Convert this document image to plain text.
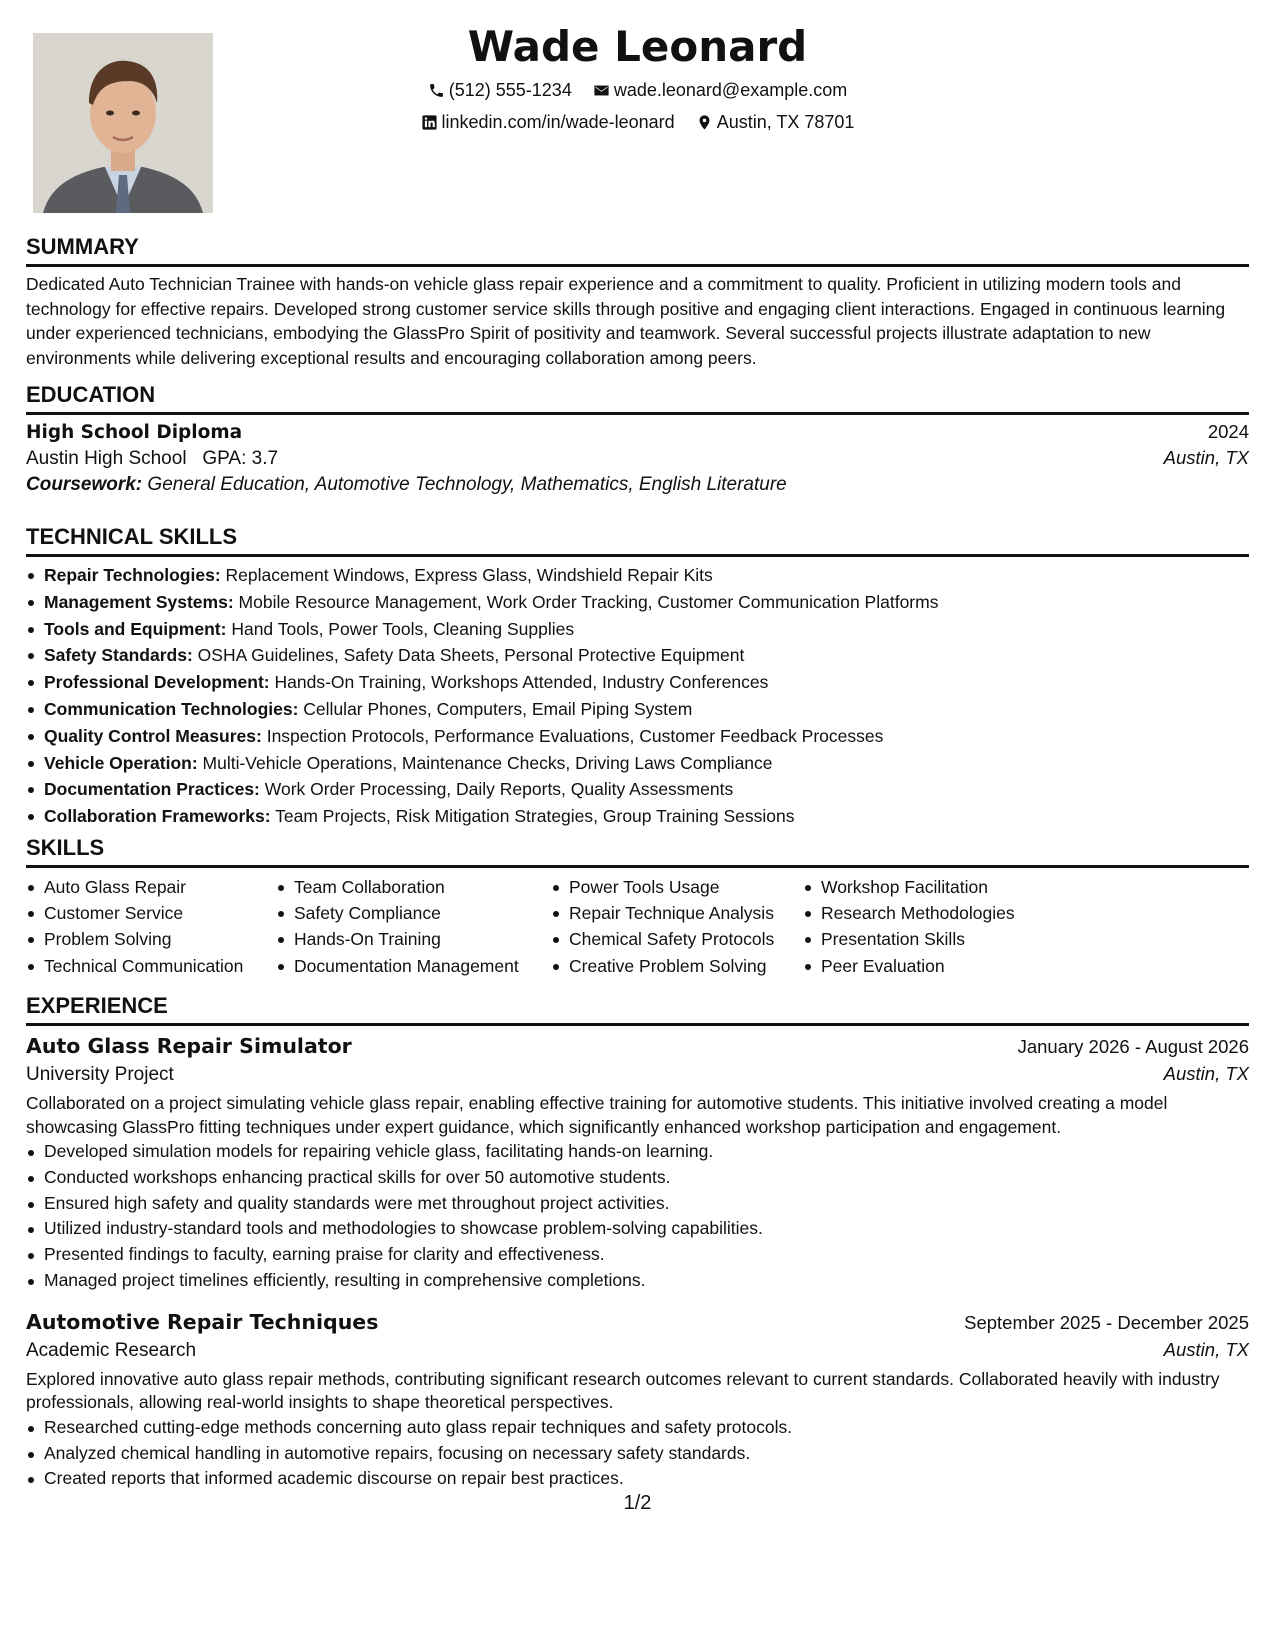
Wade Leonard
(512) 555-1234
wade.leonard@example.com
linkedin.com/in/wade-leonard
Austin, TX 78701
SUMMARY
Dedicated Auto Technician Trainee with hands-on vehicle glass repair experience and a commitment to quality. Proficient in utilizing modern tools and technology for effective repairs. Developed strong customer service skills through positive and engaging client interactions. Engaged in continuous learning under experienced technicians, embodying the GlassPro Spirit of positivity and teamwork. Several successful projects illustrate adaptation to new environments while delivering exceptional results and encouraging collaboration among peers.
EDUCATION
High School Diploma	2024
Austin High School GPA: 3.7	Austin, TX
Coursework: General Education, Automotive Technology, Mathematics, English Literature
TECHNICAL SKILLS
Repair Technologies: Replacement Windows, Express Glass, Windshield Repair Kits
Management Systems: Mobile Resource Management, Work Order Tracking, Customer Communication Platforms
Tools and Equipment: Hand Tools, Power Tools, Cleaning Supplies
Safety Standards: OSHA Guidelines, Safety Data Sheets, Personal Protective Equipment
Professional Development: Hands-On Training, Workshops Attended, Industry Conferences
Communication Technologies: Cellular Phones, Computers, Email Piping System
Quality Control Measures: Inspection Protocols, Performance Evaluations, Customer Feedback Processes
Vehicle Operation: Multi-Vehicle Operations, Maintenance Checks, Driving Laws Compliance
Documentation Practices: Work Order Processing, Daily Reports, Quality Assessments
Collaboration Frameworks: Team Projects, Risk Mitigation Strategies, Group Training Sessions
SKILLS
Auto Glass Repair
Customer Service
Problem Solving
Technical Communication
Team Collaboration
Safety Compliance
Hands-On Training
Documentation Management
Power Tools Usage
Repair Technique Analysis
Chemical Safety Protocols
Creative Problem Solving
Workshop Facilitation
Research Methodologies
Presentation Skills
Peer Evaluation
EXPERIENCE
Auto Glass Repair Simulator	January 2026 - August 2026
University Project	Austin, TX
Collaborated on a project simulating vehicle glass repair, enabling effective training for automotive students. This initiative involved creating a model showcasing GlassPro fitting techniques under expert guidance, which significantly enhanced workshop participation and engagement.
Developed simulation models for repairing vehicle glass, facilitating hands-on learning.
Conducted workshops enhancing practical skills for over 50 automotive students.
Ensured high safety and quality standards were met throughout project activities.
Utilized industry-standard tools and methodologies to showcase problem-solving capabilities.
Presented findings to faculty, earning praise for clarity and effectiveness.
Managed project timelines efficiently, resulting in comprehensive completions.
Automotive Repair Techniques	September 2025 - December 2025
Academic Research	Austin, TX
Explored innovative auto glass repair methods, contributing significant research outcomes relevant to current standards. Collaborated heavily with industry professionals, allowing real-world insights to shape theoretical perspectives.
Researched cutting-edge methods concerning auto glass repair techniques and safety protocols.
Analyzed chemical handling in automotive repairs, focusing on necessary safety standards.
Created reports that informed academic discourse on repair best practices.
1/2
